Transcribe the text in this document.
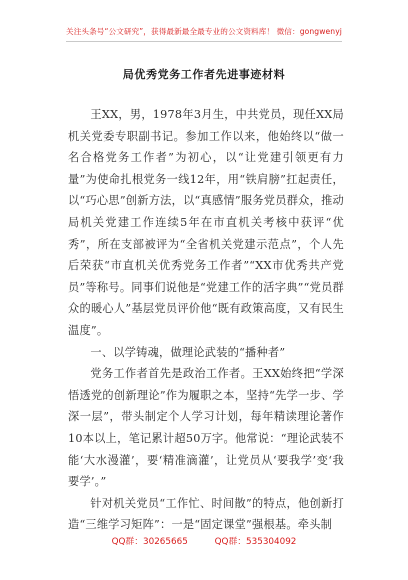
关注头条号“公文研究”，获得最新最全最专业的公文资料库！ 微信：gongwenyj
局优秀党务工作者先进事迹材料

王XX，男，1978年3月生，中共党员，现任XX局机关党委专职副书记。参加工作以来，他始终以“做一名合格党务工作者”为初心，以“让党建引领更有力量”为使命扎根党务一线12年，用“铁肩膀”扛起责任，以“巧心思”创新方法，以“真感情”服务党员群众，推动局机关党建工作连续5年在市直机关考核中获评“优秀”，所在支部被评为“全省机关党建示范点”，个人先后荣获“市直机关优秀党务工作者”“XX市优秀共产党员”等称号。同事们说他是“党建工作的活字典”“党员群众的暖心人”基层党员评价他“既有政策高度，又有民生温度”。

一、以学铸魂，做理论武装的“播种者”

党务工作者首先是政治工作者。王XX始终把“学深悟透党的创新理论”作为履职之本，坚持“先学一步、学深一层”，带头制定个人学习计划，每年精读理论著作10本以上，笔记累计超50万字。他常说：“理论武装不能‘大水漫灌’，要‘精准滴灌’，让党员从‘要我学’变‘我要学’。”

针对机关党员“工作忙、时间散”的特点，他创新打造“三维学习矩阵”：一是“固定课堂”强根基。牵头制

QQ群：30265665	QQ群：535304092
